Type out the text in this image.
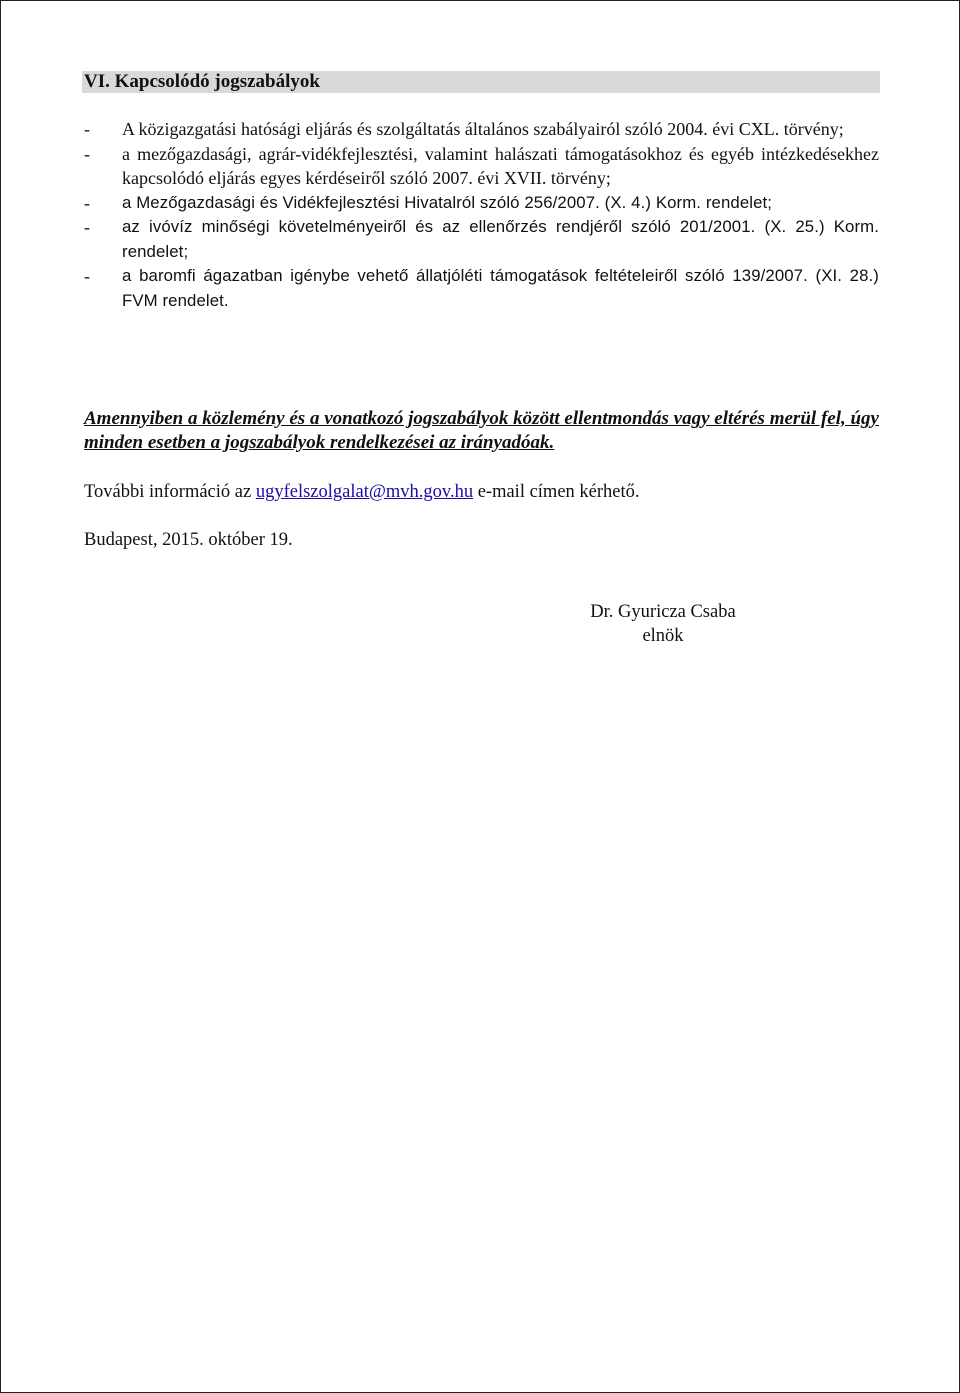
VI. Kapcsolódó jogszabályok
- A közigazgatási hatósági eljárás és szolgáltatás általános szabályairól szóló 2004. évi CXL. törvény;
- a mezőgazdasági, agrár-vidékfejlesztési, valamint halászati támogatásokhoz és egyéb intézkedésekhez kapcsolódó eljárás egyes kérdéseiről szóló 2007. évi XVII. törvény;
- a Mezőgazdasági és Vidékfejlesztési Hivatalról szóló 256/2007. (X. 4.) Korm. rendelet;
- az ivóvíz minőségi követelményeiről és az ellenőrzés rendjéről szóló 201/2001. (X. 25.) Korm. rendelet;
- a baromfi ágazatban igénybe vehető állatjóléti támogatások feltételeiről szóló 139/2007. (XI. 28.) FVM rendelet.

Amennyiben a közlemény és a vonatkozó jogszabályok között ellentmondás vagy eltérés merül fel, úgy minden esetben a jogszabályok rendelkezései az irányadóak.

További információ az ugyfelszolgalat@mvh.gov.hu e-mail címen kérhető.

Budapest, 2015. október 19.

Dr. Gyuricza Csaba
elnök
